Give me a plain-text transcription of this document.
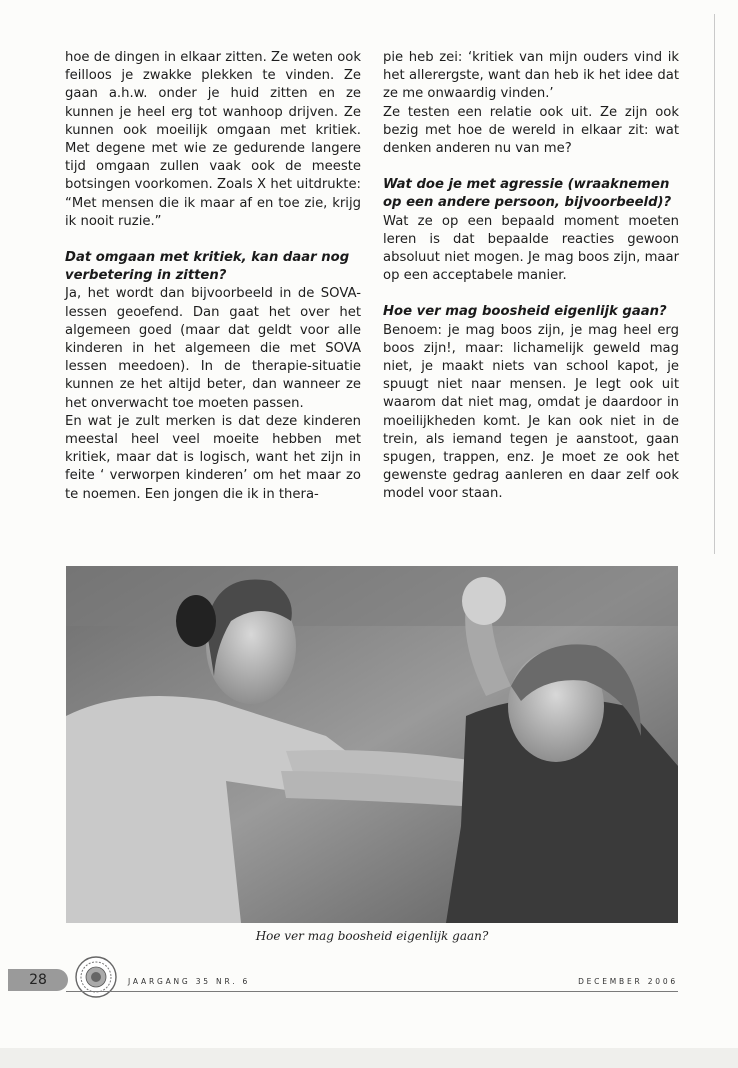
hoe de dingen in elkaar zitten. Ze weten ook feilloos je zwakke plekken te vinden. Ze gaan a.h.w. onder je huid zitten en ze kunnen je heel erg tot wanhoop drijven. Ze kunnen ook moeilijk omgaan met kritiek. Met degene met wie ze gedurende langere tijd omgaan zullen vaak ook de meeste botsingen voorkomen. Zoals X het uitdrukte: “Met mensen die ik maar af en toe zie, krijg ik nooit ruzie.”

Dat omgaan met kritiek, kan daar nog verbetering in zitten?

Ja, het wordt dan bijvoorbeeld in de SOVA-lessen geoefend. Dan gaat het over het algemeen goed (maar dat geldt voor alle kinderen in het algemeen die met SOVA lessen meedoen). In de therapie-situatie kunnen ze het altijd beter, dan wanneer ze het onverwacht toe moeten passen.

En wat je zult merken is dat deze kinderen meestal heel veel moeite hebben met kritiek, maar dat is logisch, want het zijn in feite ‘ verworpen kinderen’ om het maar zo te noemen. Een jongen die ik in thera-

pie heb zei: ‘kritiek van mijn ouders vind ik het allerergste, want dan heb ik het idee dat ze me onwaardig vinden.’

Ze testen een relatie ook uit. Ze zijn ook bezig met hoe de wereld in elkaar zit: wat denken anderen nu van me?

Wat doe je met agressie (wraaknemen op een andere persoon, bijvoorbeeld)?

Wat ze op een bepaald moment moeten leren is dat bepaalde reacties gewoon absoluut niet mogen. Je mag boos zijn, maar op een acceptabele manier.

Hoe ver mag boosheid eigenlijk gaan?

Benoem: je mag boos zijn, je mag heel erg boos zijn!, maar: lichamelijk geweld mag niet, je maakt niets van school kapot, je spuugt niet naar mensen. Je legt ook uit waarom dat niet mag, omdat je daardoor in moeilijkheden komt. Je kan ook niet in de trein, als iemand tegen je aanstoot, gaan spugen, trappen, enz. Je moet ze ook het gewenste gedrag aanleren en daar zelf ook model voor staan.

Hoe ver mag boosheid eigenlijk gaan?
28	JAARGANG 35 NR. 6	DECEMBER 2006
